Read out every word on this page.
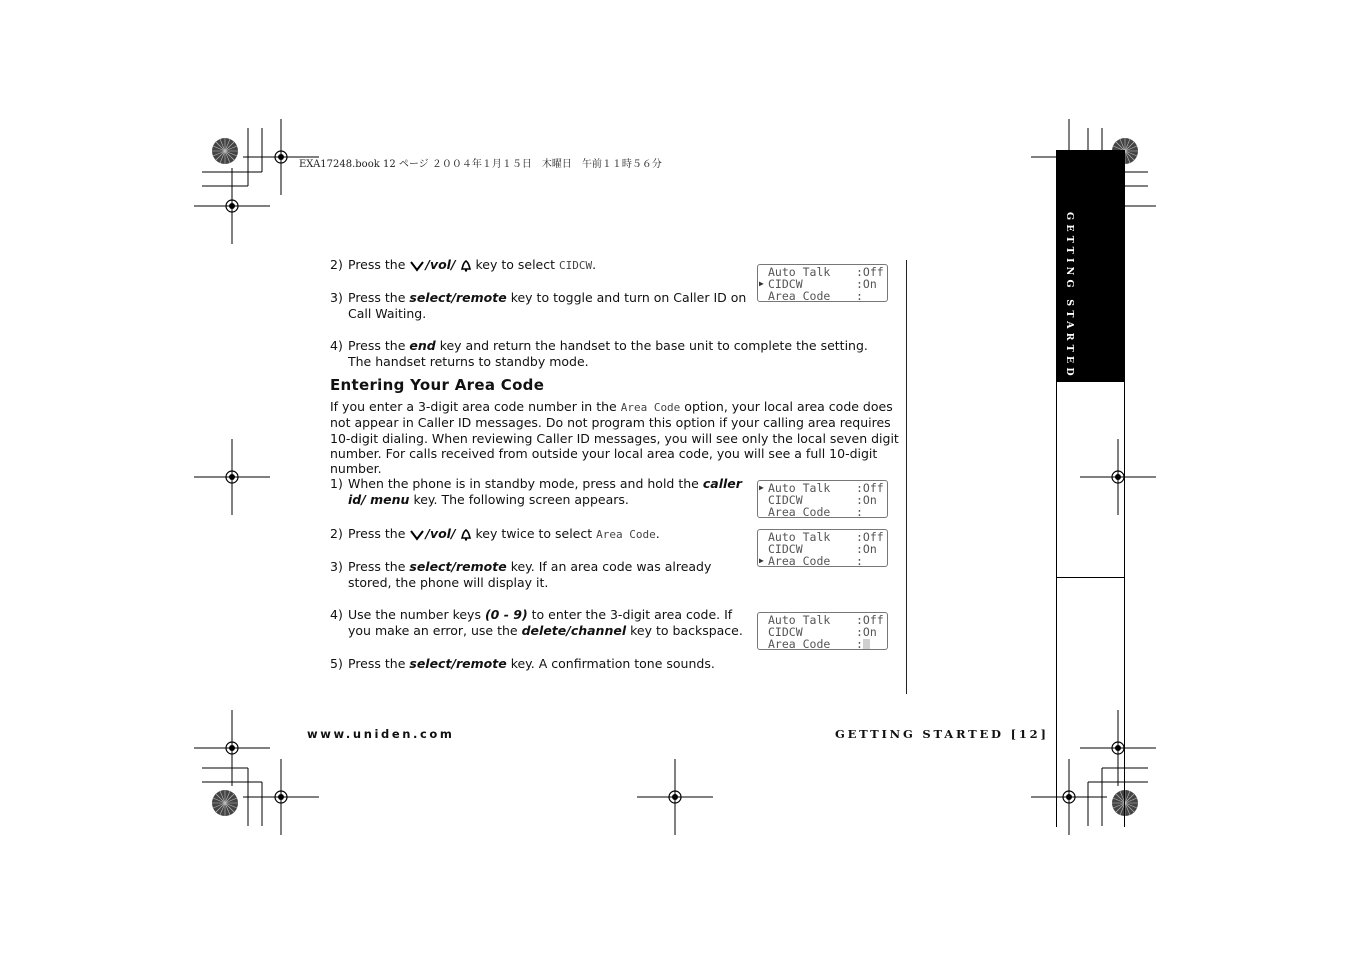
EXA17248.book 12 ページ ２００４年１月１５日　木曜日　午前１１時５６分
2) Press the /vol/ key to select CIDCW.
3) Press the select/remote key to toggle and turn on Caller ID on Call Waiting.
4) Press the end key and return the handset to the base unit to complete the setting. The handset returns to standby mode.
Entering Your Area Code
If you enter a 3-digit area code number in the Area Code option, your local area code does not appear in Caller ID messages. Do not program this option if your calling area requires 10-digit dialing. When reviewing Caller ID messages, you will see only the local seven digit number. For calls received from outside your local area code, you will see a full 10-digit number.
1) When the phone is in standby mode, press and hold the caller id/ menu key. The following screen appears.
2) Press the /vol/ key twice to select Area Code.
3) Press the select/remote key. If an area code was already stored, the phone will display it.
4) Use the number keys (0 - 9) to enter the 3-digit area code. If you make an error, use the delete/channel key to backspace.
5) Press the select/remote key. A confirmation tone sounds.
Auto Talk :Off
▶ CIDCW	:On
Area Code :
▶ Auto Talk :Off
CIDCW	:On
Area Code :
Auto Talk :Off
CIDCW	:On
▶ Area Code :
Auto Talk :Off
CIDCW	:On
Area Code :
GETTING STARTED
www.uniden.com	GETTING STARTED [12]
